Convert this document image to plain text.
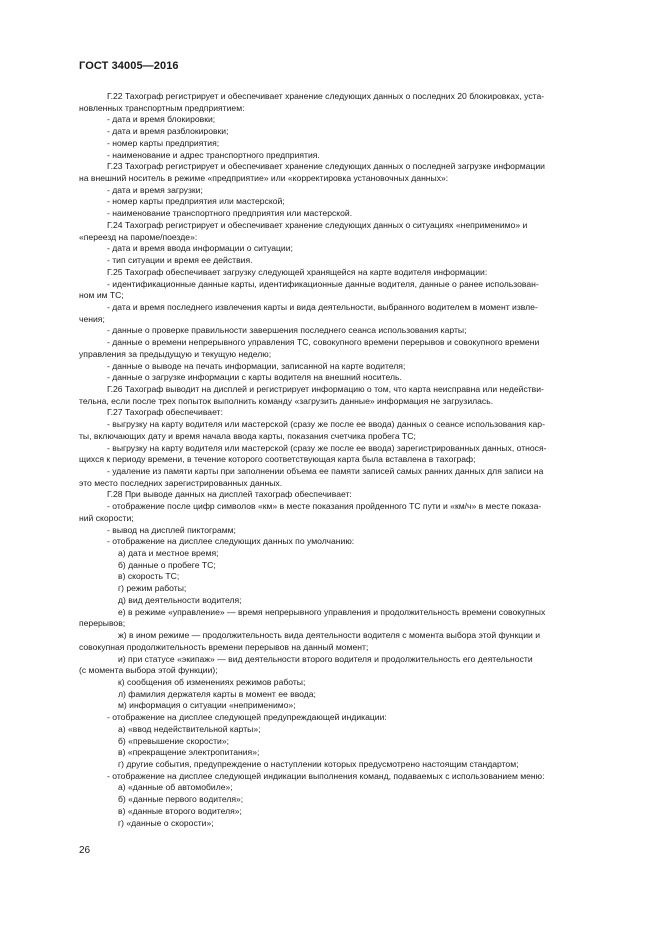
ГОСТ 34005—2016
Г.22 Тахограф регистрирует и обеспечивает хранение следующих данных о последних 20 блокировках, уста-
новленных транспортным предприятием:
- дата и время блокировки;
- дата и время разблокировки;
- номер карты предприятия;
- наименование и адрес транспортного предприятия.
Г.23 Тахограф регистрирует и обеспечивает хранение следующих данных о последней загрузке информации
на внешний носитель в режиме «предприятие» или «корректировка установочных данных»:
- дата и время загрузки;
- номер карты предприятия или мастерской;
- наименование транспортного предприятия или мастерской.
Г.24 Тахограф регистрирует и обеспечивает хранение следующих данных о ситуациях «неприменимо» и
«переезд на пароме/поезде»:
- дата и время ввода информации о ситуации;
- тип ситуации и время ее действия.
Г.25 Тахограф обеспечивает загрузку следующей хранящейся на карте водителя информации:
- идентификационные данные карты, идентификационные данные водителя, данные о ранее использован-
ном им ТС;
- дата и время последнего извлечения карты и вида деятельности, выбранного водителем в момент извле-
чения;
- данные о проверке правильности завершения последнего сеанса использования карты;
- данные о времени непрерывного управления ТС, совокупного времени перерывов и совокупного времени
управления за предыдущую и текущую неделю;
- данные о выводе на печать информации, записанной на карте водителя;
- данные о загрузке информации с карты водителя на внешний носитель.
Г.26 Тахограф выводит на дисплей и регистрирует информацию о том, что карта неисправна или недействи-
тельна, если после трех попыток выполнить команду «загрузить данные» информация не загрузилась.
Г.27 Тахограф обеспечивает:
- выгрузку на карту водителя или мастерской (сразу же после ее ввода) данных о сеансе использования кар-
ты, включающих дату и время начала ввода карты, показания счетчика пробега ТС;
- выгрузку на карту водителя или мастерской (сразу же после ее ввода) зарегистрированных данных, относя-
щихся к периоду времени, в течение которого соответствующая карта была вставлена в тахограф;
- удаление из памяти карты при заполнении объема ее памяти записей самых ранних данных для записи на
это место последних зарегистрированных данных.
Г.28 При выводе данных на дисплей тахограф обеспечивает:
- отображение после цифр символов «км» в месте показания пройденного ТС пути и «км/ч» в месте показа-
ний скорости;
- вывод на дисплей пиктограмм;
- отображение на дисплее следующих данных по умолчанию:
а) дата и местное время;
б) данные о пробеге ТС;
в) скорость ТС;
г) режим работы;
д) вид деятельности водителя;
е) в режиме «управление» — время непрерывного управления и продолжительность времени совокупных
перерывов;
ж) в ином режиме — продолжительность вида деятельности водителя с момента выбора этой функции и
совокупная продолжительность времени перерывов на данный момент;
и) при статусе «экипаж» — вид деятельности второго водителя и продолжительность его деятельности
(с момента выбора этой функции);
к) сообщения об изменениях режимов работы;
л) фамилия держателя карты в момент ее ввода;
м) информация о ситуации «неприменимо»;
- отображение на дисплее следующей предупреждающей индикации:
а) «ввод недействительной карты»;
б) «превышение скорости»;
в) «прекращение электропитания»;
г) другие события, предупреждение о наступлении которых предусмотрено настоящим стандартом;
- отображение на дисплее следующей индикации выполнения команд, подаваемых с использованием меню:
а) «данные об автомобиле»;
б) «данные первого водителя»;
в) «данные второго водителя»;
г) «данные о скорости»;
26
